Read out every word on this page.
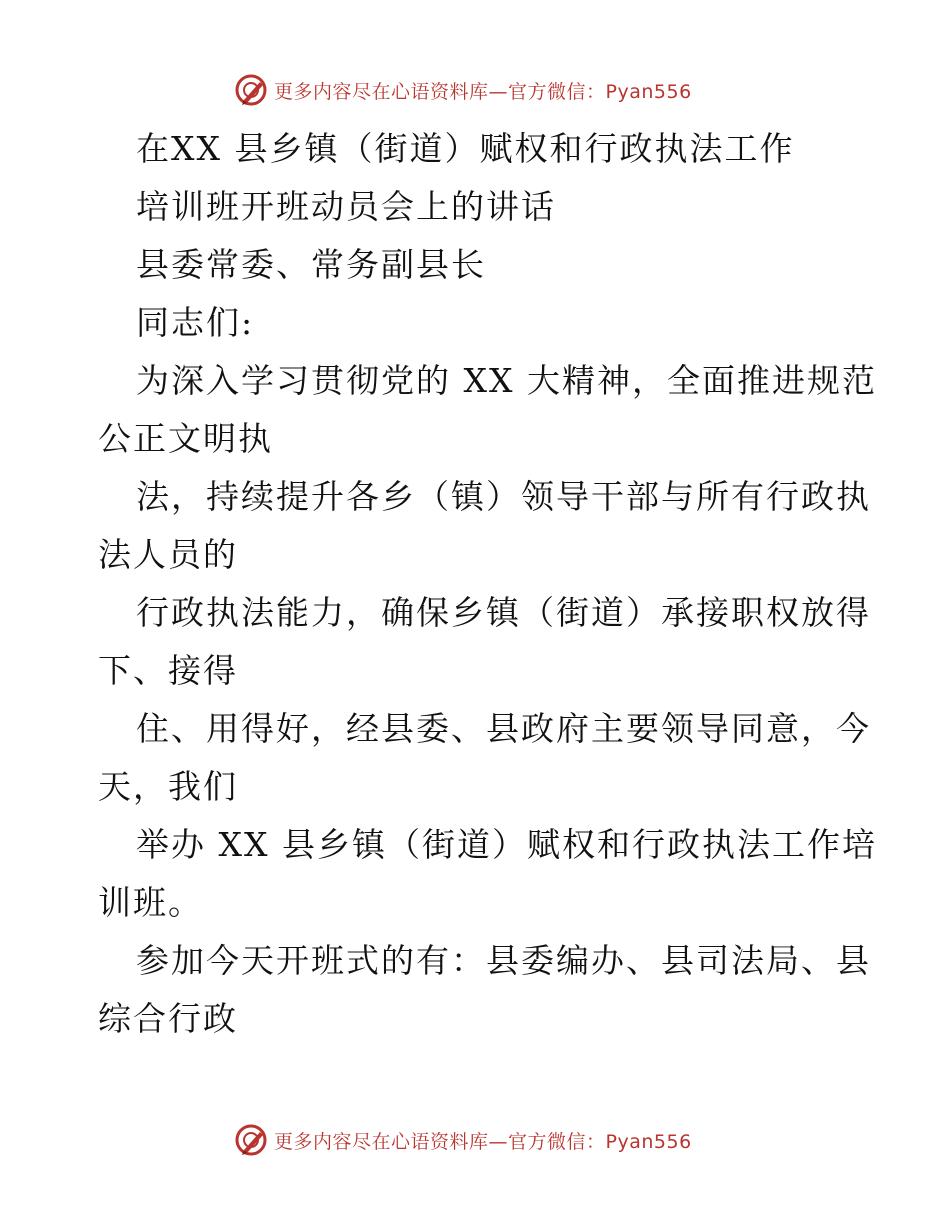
更多内容尽在心语资料库—官方微信：Pyan556
在XX 县乡镇（街道）赋权和行政执法工作
培训班开班动员会上的讲话
县委常委、常务副县长
同志们:
为深入学习贯彻党的 XX 大精神，全面推进规范
公正文明执
法，持续提升各乡（镇）领导干部与所有行政执
法人员的
行政执法能力，确保乡镇（街道）承接职权放得
下、接得
住、用得好，经县委、县政府主要领导同意，今
天，我们
举办 XX 县乡镇（街道）赋权和行政执法工作培
训班。
参加今天开班式的有：县委编办、县司法局、县
综合行政
更多内容尽在心语资料库—官方微信：Pyan556
